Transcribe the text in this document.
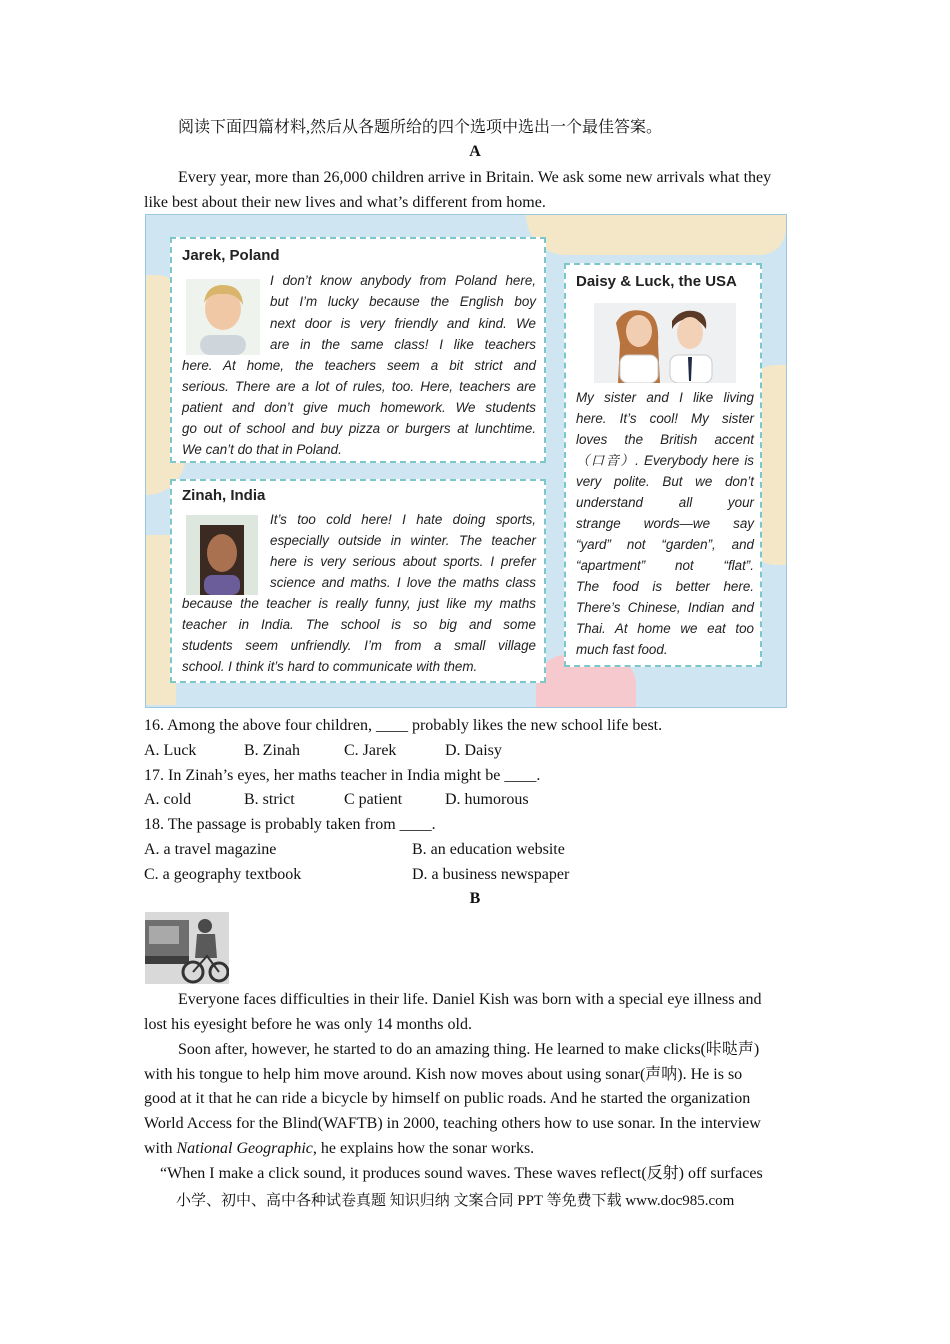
阅读下面四篇材料,然后从各题所给的四个选项中选出一个最佳答案。
A
Every year, more than 26,000 children arrive in Britain. We ask some new arrivals what they
like best about their new lives and what’s different from home.
Jarek, Poland
I don’t know anybody from Poland here,
but I’m lucky because the English boy
next door is very friendly and kind. We
are in the same class! I like teachers
here. At home, the teachers seem a bit strict and
serious. There are a lot of rules, too. Here, teachers are
patient and don’t give much homework. We students
go out of school and buy pizza or burgers at lunchtime.
We can’t do that in Poland.
Zinah, India
It’s too cold here! I hate doing sports,
especially outside in winter. The teacher
here is very serious about sports. I prefer
science and maths. I love the maths class
because the teacher is really funny, just like my maths
teacher in India. The school is so big and some
students seem unfriendly. I’m from a small village
school. I think it’s hard to communicate with them.
Daisy & Luck, the USA
My sister and I like living
here. It’s cool! My sister
loves the British accent
（口音）. Everybody here is
very polite. But we don’t
understand all your
strange words—we say
“yard” not “garden”, and
“apartment” not “flat”.
The food is better here.
There’s Chinese, Indian and
Thai. At home we eat too
much fast food.
16. Among the above four children, ____ probably likes the new school life best.
A. Luck	B. Zinah	C. Jarek	D. Daisy
17. In Zinah’s eyes, her maths teacher in India might be ____.
A. cold	B. strict	C patient	D. humorous
18. The passage is probably taken from ____.
A. a travel magazine	B. an education website
C. a geography textbook	D. a business newspaper
B
Everyone faces difficulties in their life. Daniel Kish was born with a special eye illness and
lost his eyesight before he was only 14 months old.
Soon after, however, he started to do an amazing thing. He learned to make clicks(咔哒声)
with his tongue to help him move around. Kish now moves about using sonar(声呐). He is so
good at it that he can ride a bicycle by himself on public roads. And he started the organization
World Access for the Blind(WAFTB) in 2000, teaching others how to use sonar. In the interview
with National Geographic, he explains how the sonar works.
“When I make a click sound, it produces sound waves. These waves reflect(反射) off surfaces
小学、初中、高中各种试卷真题 知识归纳 文案合同 PPT 等免费下载 www.doc985.com
